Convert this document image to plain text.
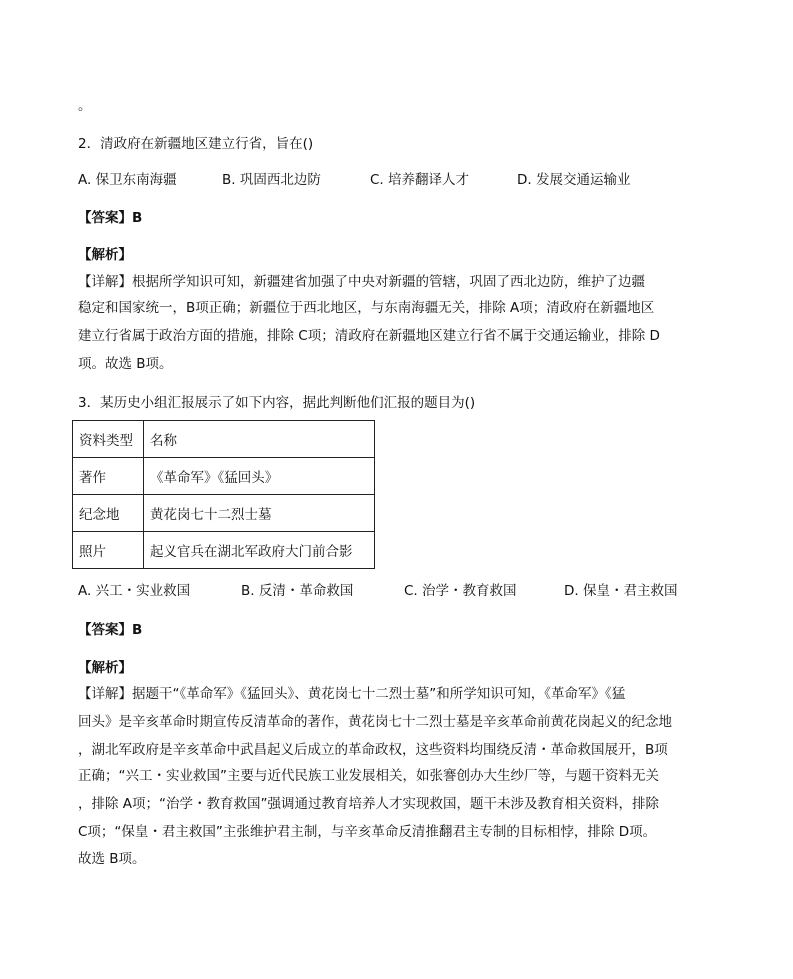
。
2．清政府在新疆地区建立行省，旨在()
A. 保卫东南海疆	B. 巩固西北边防	C. 培养翻译人才	D. 发展交通运输业
【答案】B
【解析】
【详解】根据所学知识可知，新疆建省加强了中央对新疆的管辖，巩固了西北边防，维护了边疆
稳定和国家统一，B项正确；新疆位于西北地区，与东南海疆无关，排除 A项；清政府在新疆地区
建立行省属于政治方面的措施，排除 C项；清政府在新疆地区建立行省不属于交通运输业，排除 D
项。故选 B项。
3．某历史小组汇报展示了如下内容，据此判断他们汇报的题目为()
资料类型	名称
著作	《革命军》《猛回头》
纪念地	黄花岗七十二烈士墓
照片	起义官兵在湖北军政府大门前合影
A. 兴工・实业救国	B. 反清・革命救国	C. 治学・教育救国	D. 保皇・君主救国
【答案】B
【解析】
【详解】据题干“《革命军》《猛回头》、黄花岗七十二烈士墓”和所学知识可知，《革命军》《猛
回头》是辛亥革命时期宣传反清革命的著作，黄花岗七十二烈士墓是辛亥革命前黄花岗起义的纪念地
，湖北军政府是辛亥革命中武昌起义后成立的革命政权，这些资料均围绕反清・革命救国展开，B项
正确；“兴工・实业救国”主要与近代民族工业发展相关，如张謇创办大生纱厂等，与题干资料无关
，排除 A项；“治学・教育救国”强调通过教育培养人才实现救国，题干未涉及教育相关资料，排除
C项；“保皇・君主救国”主张维护君主制，与辛亥革命反清推翻君主专制的目标相悖，排除 D项。
故选 B项。
